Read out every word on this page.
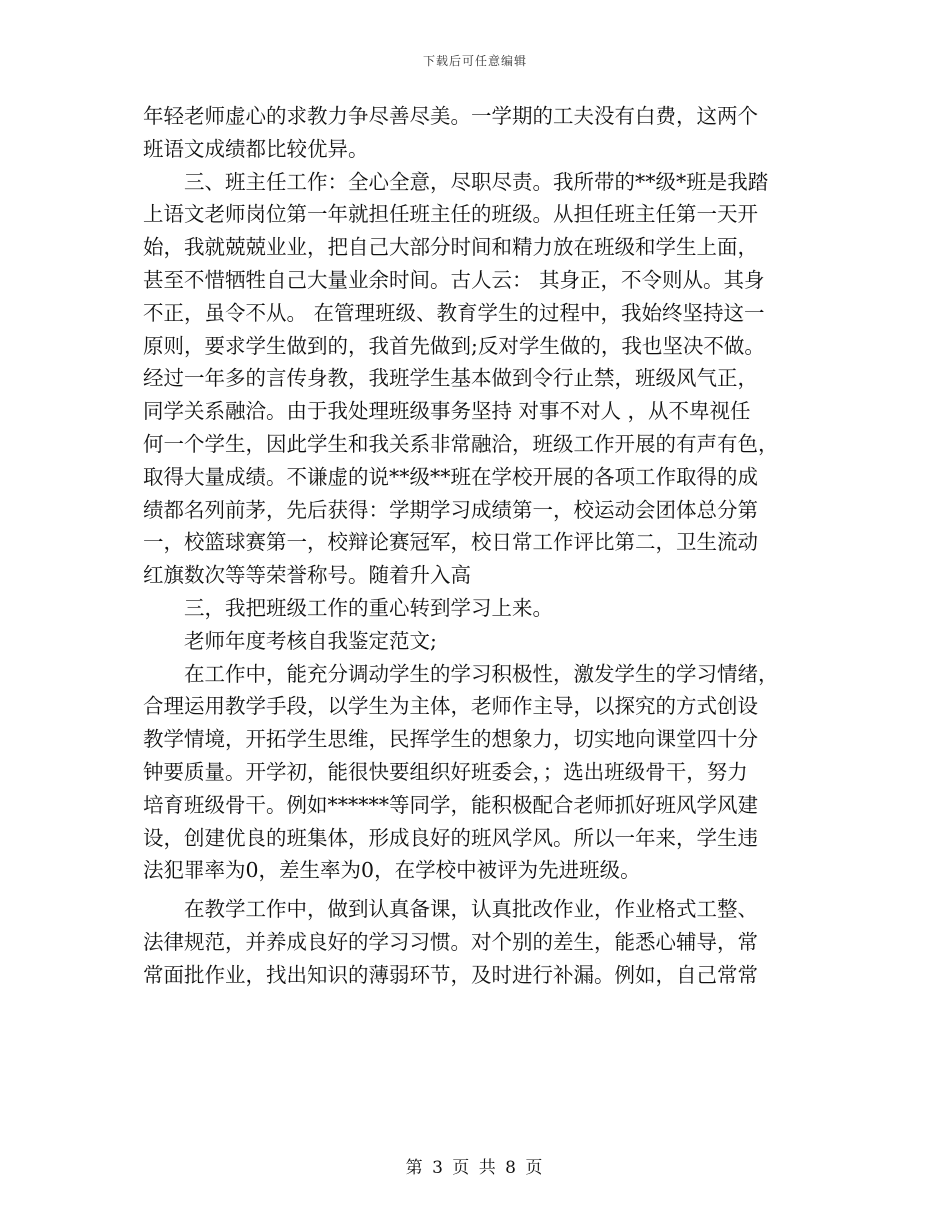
下载后可任意编辑
年轻老师虚心的求教力争尽善尽美。一学期的工夫没有白费，这两个
班语文成绩都比较优异。
三、班主任工作：全心全意，尽职尽责。我所带的**级*班是我踏
上语文老师岗位第一年就担任班主任的班级。从担任班主任第一天开
始，我就兢兢业业，把自己大部分时间和精力放在班级和学生上面，
甚至不惜牺牲自己大量业余时间。古人云： 其身正，不令则从。其身
不正，虽令不从。 在管理班级、教育学生的过程中，我始终坚持这一
原则，要求学生做到的，我首先做到;反对学生做的，我也坚决不做。
经过一年多的言传身教，我班学生基本做到令行止禁，班级风气正，
同学关系融洽。由于我处理班级事务坚持 对事不对人 ，从不卑视任
何一个学生，因此学生和我关系非常融洽，班级工作开展的有声有色，
取得大量成绩。不谦虚的说**级**班在学校开展的各项工作取得的成
绩都名列前茅，先后获得：学期学习成绩第一，校运动会团体总分第
一，校篮球赛第一，校辩论赛冠军，校日常工作评比第二，卫生流动
红旗数次等等荣誉称号。随着升入高
三，我把班级工作的重心转到学习上来。
老师年度考核自我鉴定范文;
在工作中，能充分调动学生的学习积极性，激发学生的学习情绪，
合理运用教学手段，以学生为主体，老师作主导，以探究的方式创设
教学情境，开拓学生思维，民挥学生的想象力，切实地向课堂四十分
钟要质量。开学初，能很快要组织好班委会，；选出班级骨干，努力
培育班级骨干。例如******等同学，能积极配合老师抓好班风学风建
设，创建优良的班集体，形成良好的班风学风。所以一年来，学生违
法犯罪率为0，差生率为0，在学校中被评为先进班级。
在教学工作中，做到认真备课，认真批改作业，作业格式工整、
法律规范，并养成良好的学习习惯。对个别的差生，能悉心辅导，常
常面批作业，找出知识的薄弱环节，及时进行补漏。例如，自己常常
第 3 页 共 8 页
